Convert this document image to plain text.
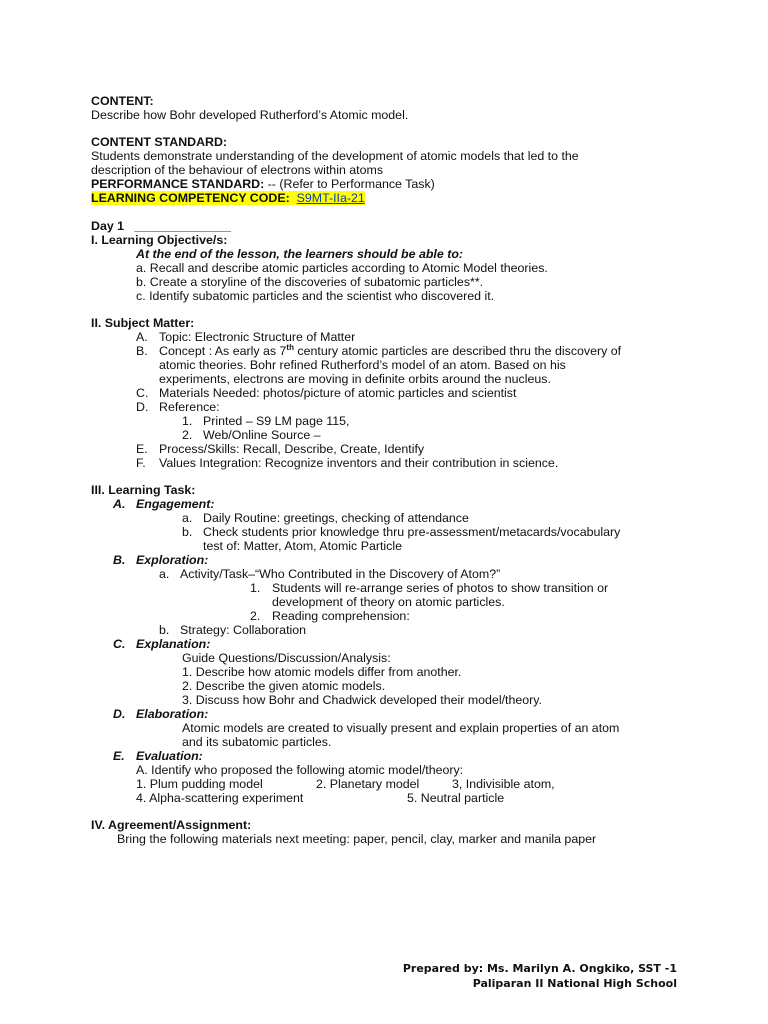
CONTENT:
Describe how Bohr developed Rutherford’s Atomic model.
CONTENT STANDARD:
Students demonstrate understanding of the development of atomic models that led to the
description of the behaviour of electrons within atoms
PERFORMANCE STANDARD: -- (Refer to Performance Task)
LEARNING COMPETENCY CODE: S9MT-IIa-21
Day 1 ______________
I. Learning Objective/s:
At the end of the lesson, the learners should be able to:
a. Recall and describe atomic particles according to Atomic Model theories.
b. Create a storyline of the discoveries of subatomic particles**.
c. Identify subatomic particles and the scientist who discovered it.
II. Subject Matter:
A. Topic: Electronic Structure of Matter
B. Concept : As early as 7th century atomic particles are described thru the discovery of
atomic theories. Bohr refined Rutherford’s model of an atom. Based on his
experiments, electrons are moving in definite orbits around the nucleus.
C. Materials Needed: photos/picture of atomic particles and scientist
D. Reference:
1. Printed – S9 LM page 115,
2. Web/Online Source –
E. Process/Skills: Recall, Describe, Create, Identify
F. Values Integration: Recognize inventors and their contribution in science.
III. Learning Task:
A. Engagement:
a. Daily Routine: greetings, checking of attendance
b. Check students prior knowledge thru pre-assessment/metacards/vocabulary
test of: Matter, Atom, Atomic Particle
B. Exploration:
a. Activity/Task–“Who Contributed in the Discovery of Atom?”
1. Students will re-arrange series of photos to show transition or
development of theory on atomic particles.
2. Reading comprehension:
b. Strategy: Collaboration
C. Explanation:
Guide Questions/Discussion/Analysis:
1. Describe how atomic models differ from another.
2. Describe the given atomic models.
3. Discuss how Bohr and Chadwick developed their model/theory.
D. Elaboration:
Atomic models are created to visually present and explain properties of an atom
and its subatomic particles.
E. Evaluation:
A. Identify who proposed the following atomic model/theory:
1. Plum pudding model	2. Planetary model	3, Indivisible atom,
4. Alpha-scattering experiment	5. Neutral particle
IV. Agreement/Assignment:
Bring the following materials next meeting: paper, pencil, clay, marker and manila paper
Prepared by: Ms. Marilyn A. Ongkiko, SST -1
Paliparan II National High School
